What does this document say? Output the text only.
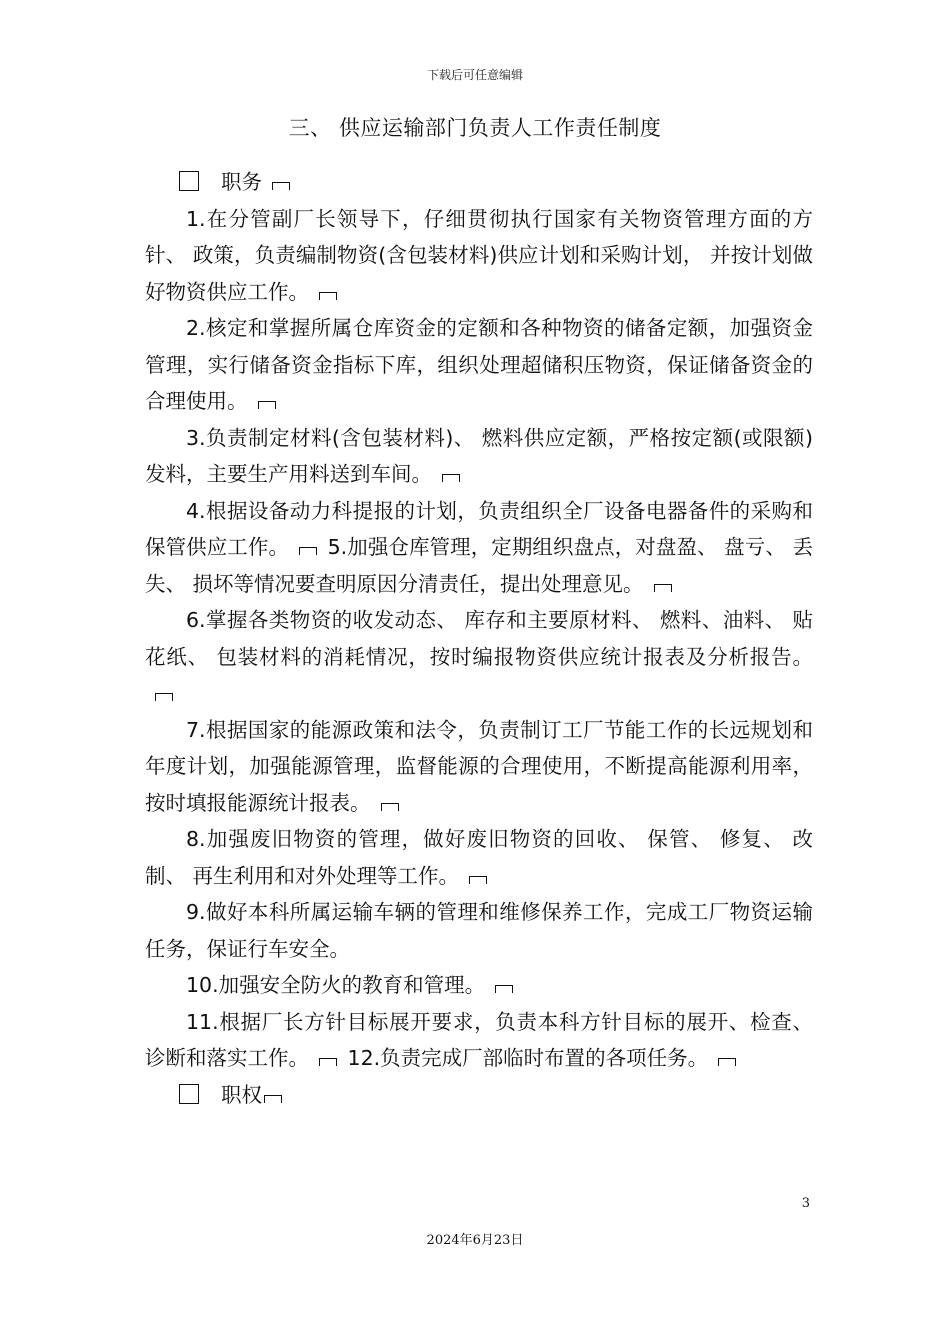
下载后可任意编辑
三、 供应运输部门负责人工作责任制度

职务

1.在分管副厂长领导下，仔细贯彻执行国家有关物资管理方面的方针、 政策，负责编制物资(含包装材料)供应计划和采购计划， 并按计划做好物资供应工作。

2.核定和掌握所属仓库资金的定额和各种物资的储备定额，加强资金管理，实行储备资金指标下库，组织处理超储积压物资，保证储备资金的合理使用。

3.负责制定材料(含包装材料)、 燃料供应定额，严格按定额(或限额)发料，主要生产用料送到车间。

4.根据设备动力科提报的计划，负责组织全厂设备电器备件的采购和保管供应工作。 5.加强仓库管理，定期组织盘点，对盘盈、 盘亏、 丢失、 损坏等情况要查明原因分清责任，提出处理意见。

6.掌握各类物资的收发动态、 库存和主要原材料、 燃料、油料、 贴花纸、 包装材料的消耗情况，按时编报物资供应统计报表及分析报告。

7.根据国家的能源政策和法令，负责制订工厂节能工作的长远规划和年度计划，加强能源管理，监督能源的合理使用，不断提高能源利用率，按时填报能源统计报表。

8.加强废旧物资的管理，做好废旧物资的回收、 保管、 修复、 改制、 再生利用和对外处理等工作。

9.做好本科所属运输车辆的管理和维修保养工作，完成工厂物资运输任务，保证行车安全。

10.加强安全防火的教育和管理。

11.根据厂长方针目标展开要求，负责本科方针目标的展开、检查、 诊断和落实工作。 12.负责完成厂部临时布置的各项任务。

职权

3
2024年6月23日
